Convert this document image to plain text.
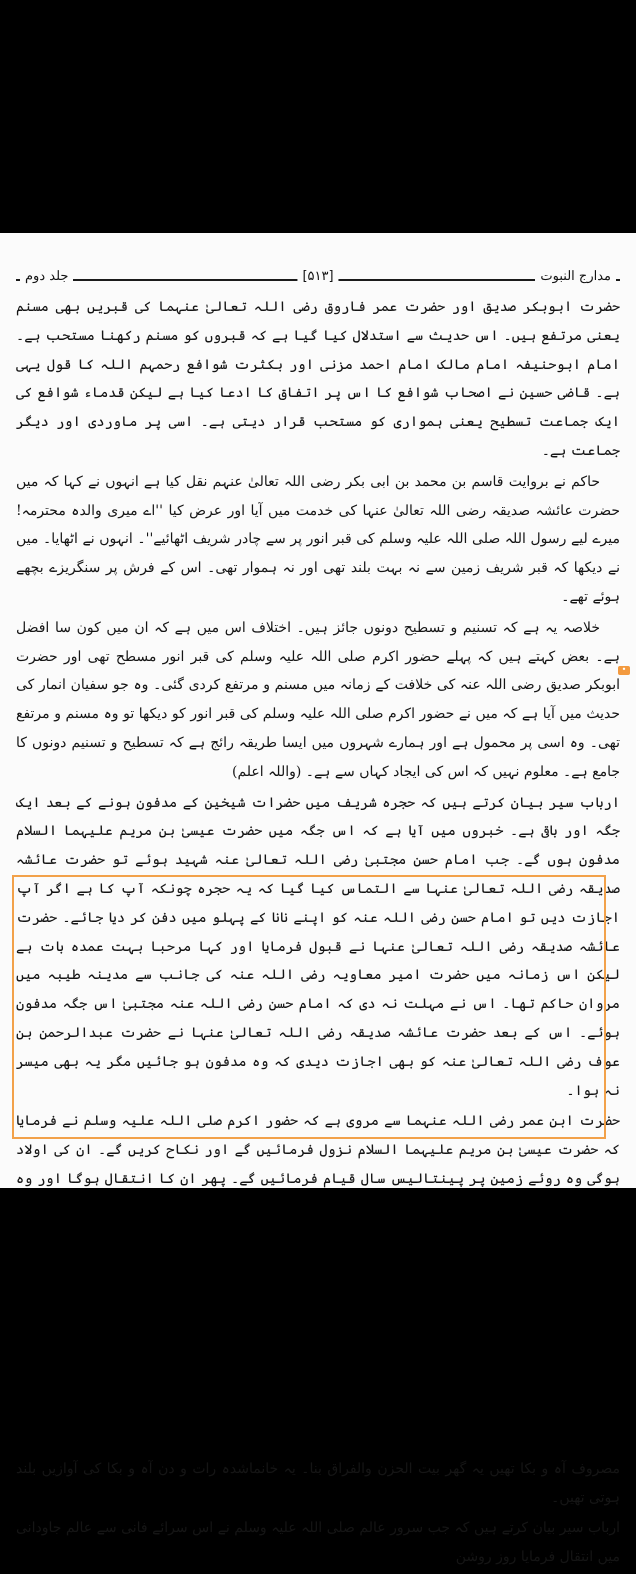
مدارج النبوت
[۵۱۳]
جلد دوم

حضرت ابوبکر صدیق اور حضرت عمر فاروق رضی اللہ تعالیٰ عنہما کی قبریں بھی مسنم یعنی مرتفع ہیں۔ اس حدیث سے استدلال کیا گیا ہے کہ قبروں کو مسنم رکھنا مستحب ہے۔ امام ابوحنیفہ امام مالک امام احمد مزنی اور بکثرت شوافع رحمہم اللہ کا قول یہی ہے۔ قاضی حسین نے اصحاب شوافع کا اس پر اتفاق کا ادعا کیا ہے لیکن قدماء شوافع کی ایک جماعت تسطیح یعنی ہمواری کو مستحب قرار دیتی ہے۔ اسی پر ماوردی اور دیگر جماعت ہے۔

حاکم نے بروایت قاسم بن محمد بن ابی بکر رضی اللہ تعالیٰ عنہم نقل کیا ہے انہوں نے کہا کہ میں حضرت عائشہ صدیقہ رضی اللہ تعالیٰ عنہا کی خدمت میں آیا اور عرض کیا ''اے میری والدہ محترمہ! میرے لیے رسول اللہ صلی اللہ علیہ وسلم کی قبر انور پر سے چادر شریف اٹھائیے''۔ انہوں نے اٹھایا۔ میں نے دیکھا کہ قبر شریف زمین سے نہ بہت بلند تھی اور نہ ہموار تھی۔ اس کے فرش پر سنگریزے بچھے ہوئے تھے۔

خلاصہ یہ ہے کہ تسنیم و تسطیح دونوں جائز ہیں۔ اختلاف اس میں ہے کہ ان میں کون سا افضل ہے۔ بعض کہتے ہیں کہ پہلے حضور اکرم صلی اللہ علیہ وسلم کی قبر انور مسطح تھی اور حضرت ابوبکر صدیق رضی اللہ عنہ کی خلافت کے زمانہ میں مسنم و مرتفع کردی گئی۔ وہ جو سفیان انمار کی حدیث میں آیا ہے کہ میں نے حضور اکرم صلی اللہ علیہ وسلم کی قبر انور کو دیکھا تو وہ مسنم و مرتفع تھی۔ وہ اسی پر محمول ہے اور ہمارے شہروں میں ایسا طریقہ رائج ہے کہ تسطیح و تسنیم دونوں کا جامع ہے۔ معلوم نہیں کہ اس کی ایجاد کہاں سے ہے۔ (واللہ اعلم)

ارباب سیر بیان کرتے ہیں کہ حجرہ شریف میں حضرات شیخین کے مدفون ہونے کے بعد ایک جگہ اور باقی ہے۔ خبروں میں آیا ہے کہ اس جگہ میں حضرت عیسیٰ بن مریم علیہما السلام مدفون ہوں گے۔ جب امام حسن مجتبیٰ رضی اللہ تعالیٰ عنہ شہید ہوئے تو حضرت عائشہ صدیقہ رضی اللہ تعالیٰ عنہا سے التماس کیا گیا کہ یہ حجرہ چونکہ آپ کا ہے اگر آپ اجازت دیں تو امام حسن رضی اللہ عنہ کو اپنے نانا کے پہلو میں دفن کر دیا جائے۔ حضرت عائشہ صدیقہ رضی اللہ تعالیٰ عنہا نے قبول فرمایا اور کہا مرحبا بہت عمدہ بات ہے لیکن اس زمانہ میں حضرت امیر معاویہ رضی اللہ عنہ کی جانب سے مدینہ طیبہ میں مروان حاکم تھا۔ اس نے مہلت نہ دی کہ امام حسن رضی اللہ عنہ مجتبیٰ اس جگہ مدفون ہوئے۔ اس کے بعد حضرت عائشہ صدیقہ رضی اللہ تعالیٰ عنہا نے حضرت عبدالرحمن بن عوف رضی اللہ تعالیٰ عنہ کو بھی اجازت دیدی کہ وہ مدفون ہو جائیں مگر یہ بھی میسر نہ ہوا۔

حضرت ابن عمر رضی اللہ عنہما سے مروی ہے کہ حضور اکرم صلی اللہ علیہ وسلم نے فرمایا کہ حضرت عیسیٰ بن مریم علیہما السلام نزول فرمائیں گے اور نکاح کریں گے۔ ان کی اولاد ہوگی وہ روئے زمین پر پینتالیس سال قیام فرمائیں گے۔ پھر ان کا انتقال ہوگا اور وہ

مصروف آہ و بکا تھیں یہ گھر بیت الحزن والفراق بنا۔ یہ خانماشدہ رات و دن آہ و بکا کی آوازیں بلند ہوتی تھیں۔

ارباب سیر بیان کرتے ہیں کہ جب سرور عالم صلی اللہ علیہ وسلم نے اس سرائے فانی سے عالم جاودانی میں انتقال فرمایا روز روشن

•
